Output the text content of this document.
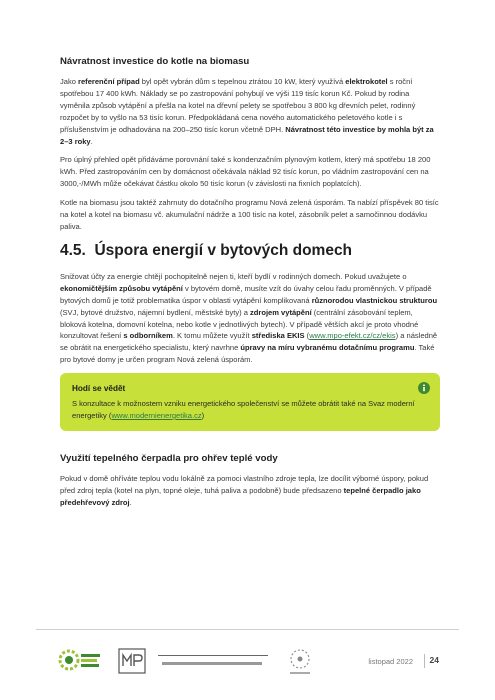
Návratnost investice do kotle na biomasu

Jako referenční případ byl opět vybrán dům s tepelnou ztrátou 10 kW, který využívá elektrokotel s roční spotřebou 17 400 kWh. Náklady se po zastropování pohybují ve výši 119 tisíc korun Kč. Pokud by rodina vyměnila způsob vytápění a přešla na kotel na dřevní pelety se spotřebou 3 800 kg dřevních pelet, rodinný rozpočet by to vyšlo na 53 tisíc korun. Předpokládaná cena nového automatického peletového kotle i s příslušenstvím je odhadována na 200–250 tisíc korun včetně DPH. Návratnost této investice by mohla být za 2–3 roky.

Pro úplný přehled opět přidáváme porovnání také s kondenzačním plynovým kotlem, který má spotřebu 18 200 kWh. Před zastropováním cen by domácnost očekávala náklad 92 tisíc korun, po vládním zastropování cen na 3000,-/MWh může očekávat částku okolo 50 tisíc korun (v závislosti na fixních poplatcích).

Kotle na biomasu jsou taktéž zahrnuty do dotačního programu Nová zelená úsporám. Ta nabízí příspěvek 80 tisíc na kotel a kotel na biomasu vč. akumulační nádrže a 100 tisíc na kotel, zásobník pelet a samočinnou dodávku paliva.

4.5. Úspora energií v bytových domech

Snižovat účty za energie chtějí pochopitelně nejen ti, kteří bydlí v rodinných domech. Pokud uvažujete o ekonomičtějším způsobu vytápění v bytovém domě, musíte vzít do úvahy celou řadu proměnných. V případě bytových domů je totiž problematika úspor v oblasti vytápění komplikovaná různorodou vlastnickou strukturou (SVJ, bytové družstvo, nájemní bydlení, městské byty) a zdrojem vytápění (centrální zásobování teplem, bloková kotelna, domovní kotelna, nebo kotle v jednotlivých bytech). V případě větších akcí je proto vhodné konzultovat řešení s odborníkem. K tomu můžete využít střediska EKIS (www.mpo-efekt.cz/cz/ekis) a následně se obrátit na energetického specialistu, který navrhne úpravy na míru vybranému dotačnímu programu. Také pro bytové domy je určen program Nová zelená úsporám.

Hodí se vědět

S konzultace k možnostem vzniku energetického společenství se můžete obrátit také na Svaz moderní energetiky (www.modernienergetika.cz)

Využití tepelného čerpadla pro ohřev teplé vody

Pokud v domě ohříváte teplou vodu lokálně za pomoci vlastního zdroje tepla, lze docílit výborné úspory, pokud před zdroj tepla (kotel na plyn, topné oleje, tuhá paliva a podobně) bude předsazeno tepelné čerpadlo jako předehřevový zdroj.

listopad 2022 24
